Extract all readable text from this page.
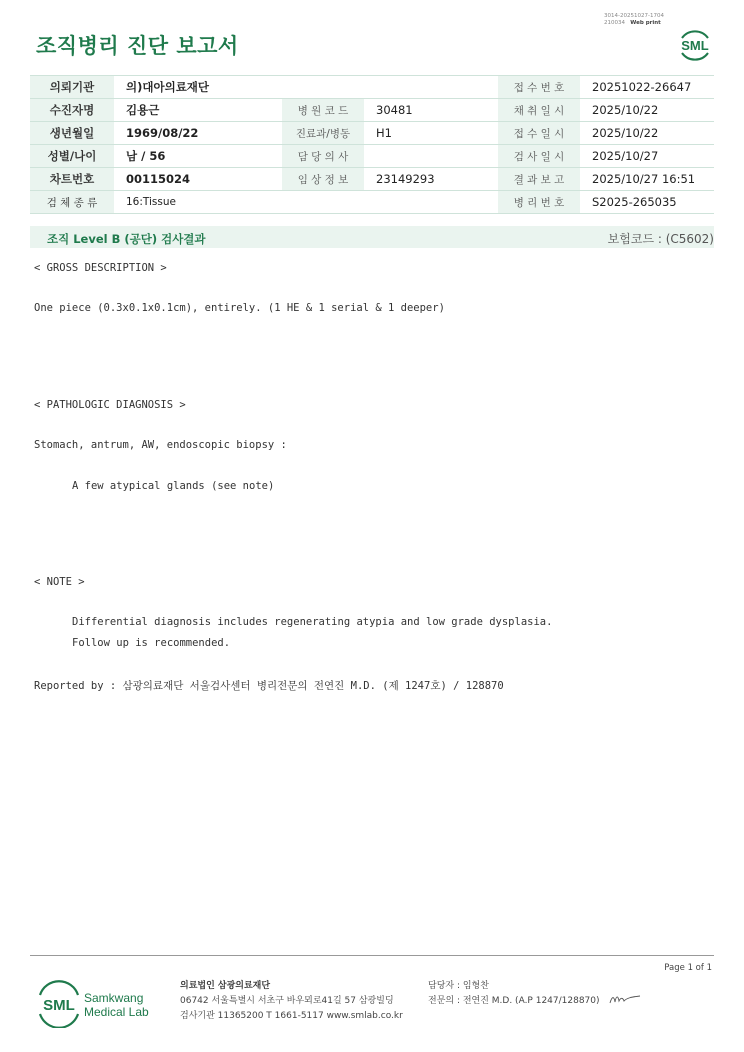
조직병리 진단 보고서
3014-20251027-1704
210034 Web print
SML
의뢰기관	의)대아의료재단			접 수 번 호	20251022-26647
수진자명	김용근	병 원 코 드	30481	채 취 일 시	2025/10/22
생년월일	1969/08/22	진료과/병동	H1	접 수 일 시	2025/10/22
성별/나이	남 / 56	담 당 의 사		검 사 일 시	2025/10/27
차트번호	00115024	임 상 정 보	23149293	결 과 보 고	2025/10/27 16:51
검 체 종 류	16:Tissue			병 리 번 호	S2025-265035
조직 Level B (공단) 검사결과	보험코드 : (C5602)
< GROSS DESCRIPTION >
One piece (0.3x0.1x0.1cm), entirely. (1 HE & 1 serial & 1 deeper)
< PATHOLOGIC DIAGNOSIS >
Stomach, antrum, AW, endoscopic biopsy :
A few atypical glands (see note)
< NOTE >
Differential diagnosis includes regenerating atypia and low grade dysplasia.
Follow up is recommended.
Reported by : 삼광의료재단 서울검사센터 병리전문의 전연진 M.D. (제 1247호) / 128870
Page 1 of 1
SML Samkwang
Medical Lab
의료법인 삼광의료재단
06742 서울특별시 서초구 바우뫼로41길 57 삼광빌딩
검사기관 11365200 T 1661-5117 www.smlab.co.kr
담당자 : 임형찬
전문의 : 전연진 M.D. (A.P 1247/128870)
